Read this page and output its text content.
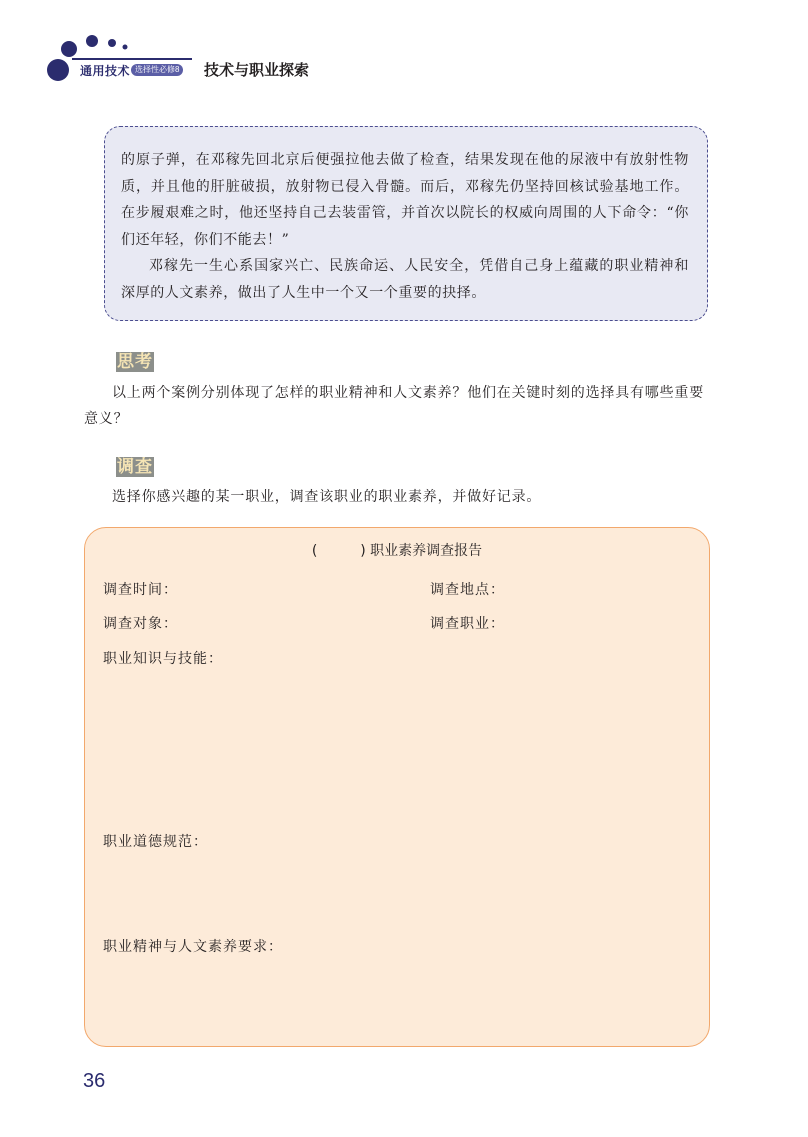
通用技术 选择性必修8 技术与职业探索

的原子弹，在邓稼先回北京后便强拉他去做了检查，结果发现在他的尿液中有放射性物质，并且他的肝脏破损，放射物已侵入骨髓。而后，邓稼先仍坚持回核试验基地工作。在步履艰难之时，他还坚持自己去装雷管，并首次以院长的权威向周围的人下命令：“你们还年轻，你们不能去！”

邓稼先一生心系国家兴亡、民族命运、人民安全，凭借自己身上蕴藏的职业精神和深厚的人文素养，做出了人生中一个又一个重要的抉择。

思考

以上两个案例分别体现了怎样的职业精神和人文素养？他们在关键时刻的选择具有哪些重要意义？

调查

选择你感兴趣的某一职业，调查该职业的职业素养，并做好记录。

(	) 职业素养调查报告
调查时间：	调查地点：
调查对象：	调查职业：
职业知识与技能：
职业道德规范：
职业精神与人文素养要求：
36
